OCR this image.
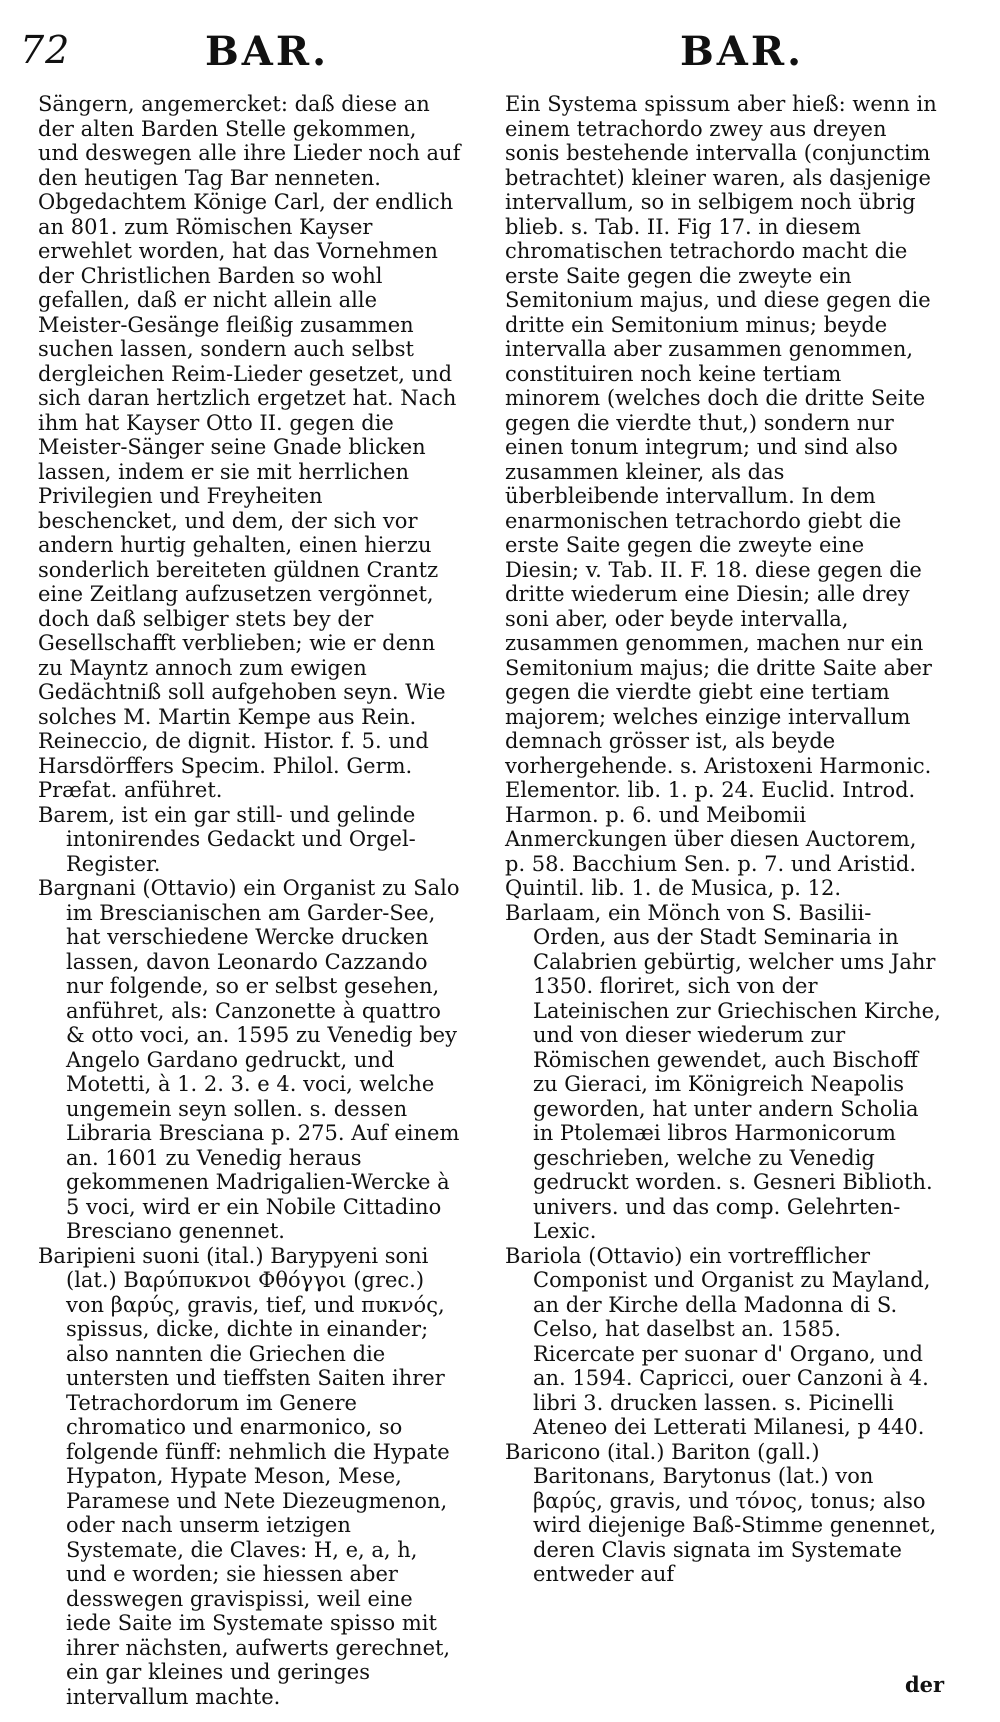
72	BAR.	BAR.

Sängern, angemercket: daß diese an der alten Barden Stelle gekommen, und deswegen alle ihre Lieder noch auf den heutigen Tag Bar nenneten. Obgedachtem Könige Carl, der endlich an 801. zum Römischen Kayser erwehlet worden, hat das Vornehmen der Christlichen Barden so wohl gefallen, daß er nicht allein alle Meister-Gesänge fleißig zusammen suchen lassen, sondern auch selbst dergleichen Reim-Lieder gesetzet, und sich daran hertzlich ergetzet hat. Nach ihm hat Kayser Otto II. gegen die Meister-Sänger seine Gnade blicken lassen, indem er sie mit herrlichen Privilegien und Freyheiten beschencket, und dem, der sich vor andern hurtig gehalten, einen hierzu sonderlich bereiteten güldnen Crantz eine Zeitlang aufzusetzen vergönnet, doch daß selbiger stets bey der Gesellschafft verblieben; wie er denn zu Mayntz annoch zum ewigen Gedächtniß soll aufgehoben seyn. Wie solches M. Martin Kempe aus Rein. Reineccio, de dignit. Histor. f. 5. und Harsdörffers Specim. Philol. Germ. Præfat. anführet.

Barem, ist ein gar still- und gelinde intonirendes Gedackt und Orgel-Register.

Bargnani (Ottavio) ein Organist zu Salo im Brescianischen am Garder-See, hat verschiedene Wercke drucken lassen, davon Leonardo Cazzando nur folgende, so er selbst gesehen, anführet, als: Canzonette à quattro & otto voci, an. 1595 zu Venedig bey Angelo Gardano gedruckt, und Motetti, à 1. 2. 3. e 4. voci, welche ungemein seyn sollen. s. dessen Libraria Bresciana p. 275. Auf einem an. 1601 zu Venedig heraus gekommenen Madrigalien-Wercke à 5 voci, wird er ein Nobile Cittadino Bresciano genennet.

Baripieni suoni (ital.) Barypyeni soni (lat.) Βαρύπυκνοι Φθόγγοι (grec.) von βαρύς, gravis, tief, und πυκνός, spissus, dicke, dichte in einander; also nannten die Griechen die untersten und tieffsten Saiten ihrer Tetrachordorum im Genere chromatico und enarmonico, so folgende fünff: nehmlich die Hypate Hypaton, Hypate Meson, Mese, Paramese und Nete Diezeugmenon, oder nach unserm ietzigen Systemate, die Claves: H, e, a, h, und e worden; sie hiessen aber desswegen gravispissi, weil eine iede Saite im Systemate spisso mit ihrer nächsten, aufwerts gerechnet, ein gar kleines und geringes intervallum machte.

Ein Systema spissum aber hieß: wenn in einem tetrachordo zwey aus dreyen sonis bestehende intervalla (conjunctim betrachtet) kleiner waren, als dasjenige intervallum, so in selbigem noch übrig blieb. s. Tab. II. Fig 17. in diesem chromatischen tetrachordo macht die erste Saite gegen die zweyte ein Semitonium majus, und diese gegen die dritte ein Semitonium minus; beyde intervalla aber zusammen genommen, constituiren noch keine tertiam minorem (welches doch die dritte Seite gegen die vierdte thut,) sondern nur einen tonum integrum; und sind also zusammen kleiner, als das überbleibende intervallum. In dem enarmonischen tetrachordo giebt die erste Saite gegen die zweyte eine Diesin; v. Tab. II. F. 18. diese gegen die dritte wiederum eine Diesin; alle drey soni aber, oder beyde intervalla, zusammen genommen, machen nur ein Semitonium majus; die dritte Saite aber gegen die vierdte giebt eine tertiam majorem; welches einzige intervallum demnach grösser ist, als beyde vorhergehende. s. Aristoxeni Harmonic. Elementor. lib. 1. p. 24. Euclid. Introd. Harmon. p. 6. und Meibomii Anmerckungen über diesen Auctorem, p. 58. Bacchium Sen. p. 7. und Aristid. Quintil. lib. 1. de Musica, p. 12.

Barlaam, ein Mönch von S. Basilii-Orden, aus der Stadt Seminaria in Calabrien gebürtig, welcher ums Jahr 1350. floriret, sich von der Lateinischen zur Griechischen Kirche, und von dieser wiederum zur Römischen gewendet, auch Bischoff zu Gieraci, im Königreich Neapolis geworden, hat unter andern Scholia in Ptolemæi libros Harmonicorum geschrieben, welche zu Venedig gedruckt worden. s. Gesneri Biblioth. univers. und das comp. Gelehrten-Lexic.

Bariola (Ottavio) ein vortrefflicher Componist und Organist zu Mayland, an der Kirche della Madonna di S. Celso, hat daselbst an. 1585. Ricercate per suonar d' Organo, und an. 1594. Capricci, ouer Canzoni à 4. libri 3. drucken lassen. s. Picinelli Ateneo dei Letterati Milanesi, p 440.

Baricono (ital.) Bariton (gall.) Baritonans, Barytonus (lat.) von βαρύς, gravis, und τόνος, tonus; also wird diejenige Baß-Stimme genennet, deren Clavis signata im Systemate entweder auf

der
